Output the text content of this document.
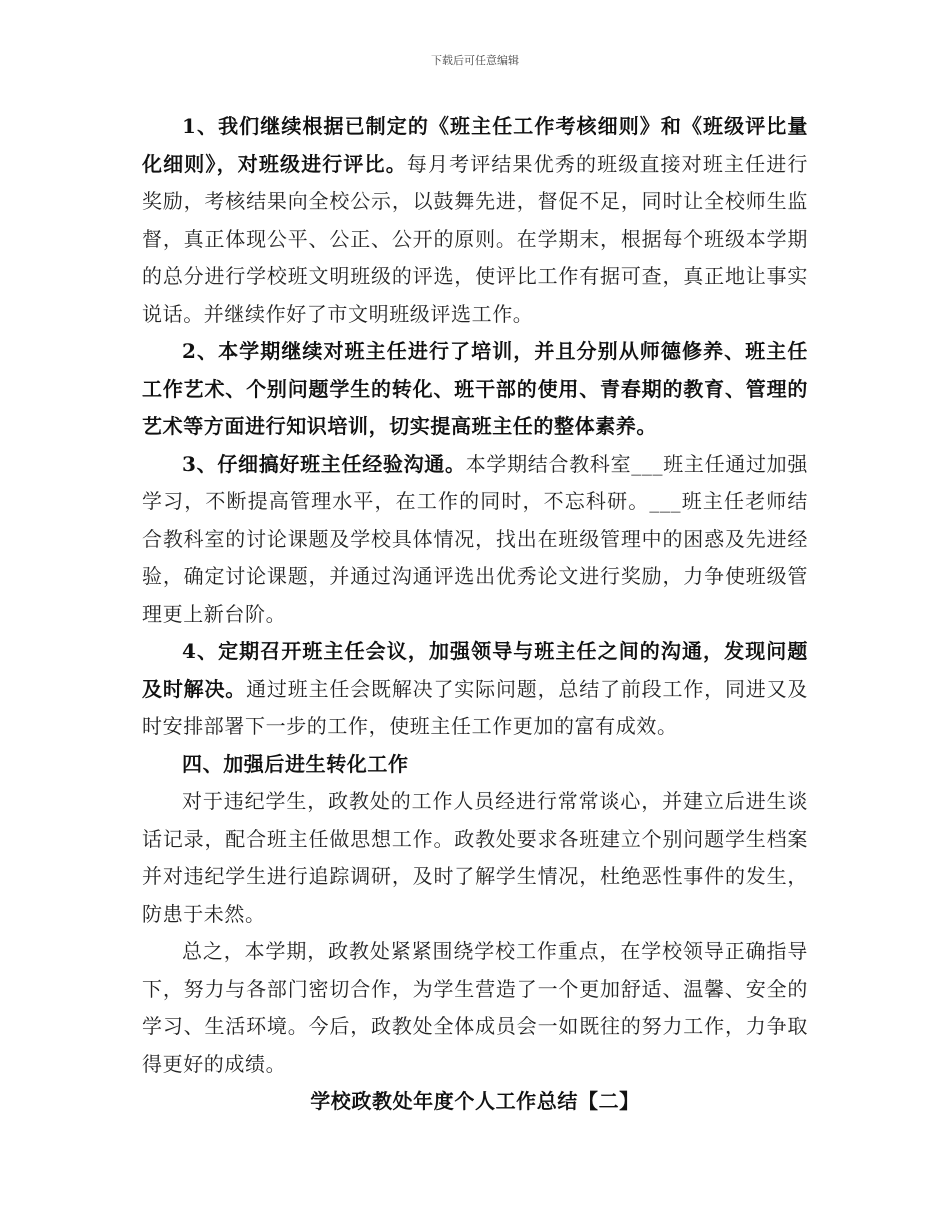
下载后可任意编辑

1、我们继续根据已制定的《班主任工作考核细则》和《班级评比量化细则》，对班级进行评比。每月考评结果优秀的班级直接对班主任进行奖励，考核结果向全校公示，以鼓舞先进，督促不足，同时让全校师生监督，真正体现公平、公正、公开的原则。在学期末，根据每个班级本学期的总分进行学校班文明班级的评选，使评比工作有据可查，真正地让事实说话。并继续作好了市文明班级评选工作。

2、本学期继续对班主任进行了培训，并且分别从师德修养、班主任工作艺术、个别问题学生的转化、班干部的使用、青春期的教育、管理的艺术等方面进行知识培训，切实提高班主任的整体素养。

3、仔细搞好班主任经验沟通。本学期结合教科室___班主任通过加强学习，不断提高管理水平，在工作的同时，不忘科研。___班主任老师结合教科室的讨论课题及学校具体情况，找出在班级管理中的困惑及先进经验，确定讨论课题，并通过沟通评选出优秀论文进行奖励，力争使班级管理更上新台阶。

4、定期召开班主任会议，加强领导与班主任之间的沟通，发现问题及时解决。通过班主任会既解决了实际问题，总结了前段工作，同进又及时安排部署下一步的工作，使班主任工作更加的富有成效。

四、加强后进生转化工作

对于违纪学生，政教处的工作人员经进行常常谈心，并建立后进生谈话记录，配合班主任做思想工作。政教处要求各班建立个别问题学生档案并对违纪学生进行追踪调研，及时了解学生情况，杜绝恶性事件的发生，防患于未然。

总之，本学期，政教处紧紧围绕学校工作重点，在学校领导正确指导下，努力与各部门密切合作，为学生营造了一个更加舒适、温馨、安全的学习、生活环境。今后，政教处全体成员会一如既往的努力工作，力争取得更好的成绩。

学校政教处年度个人工作总结【二】
